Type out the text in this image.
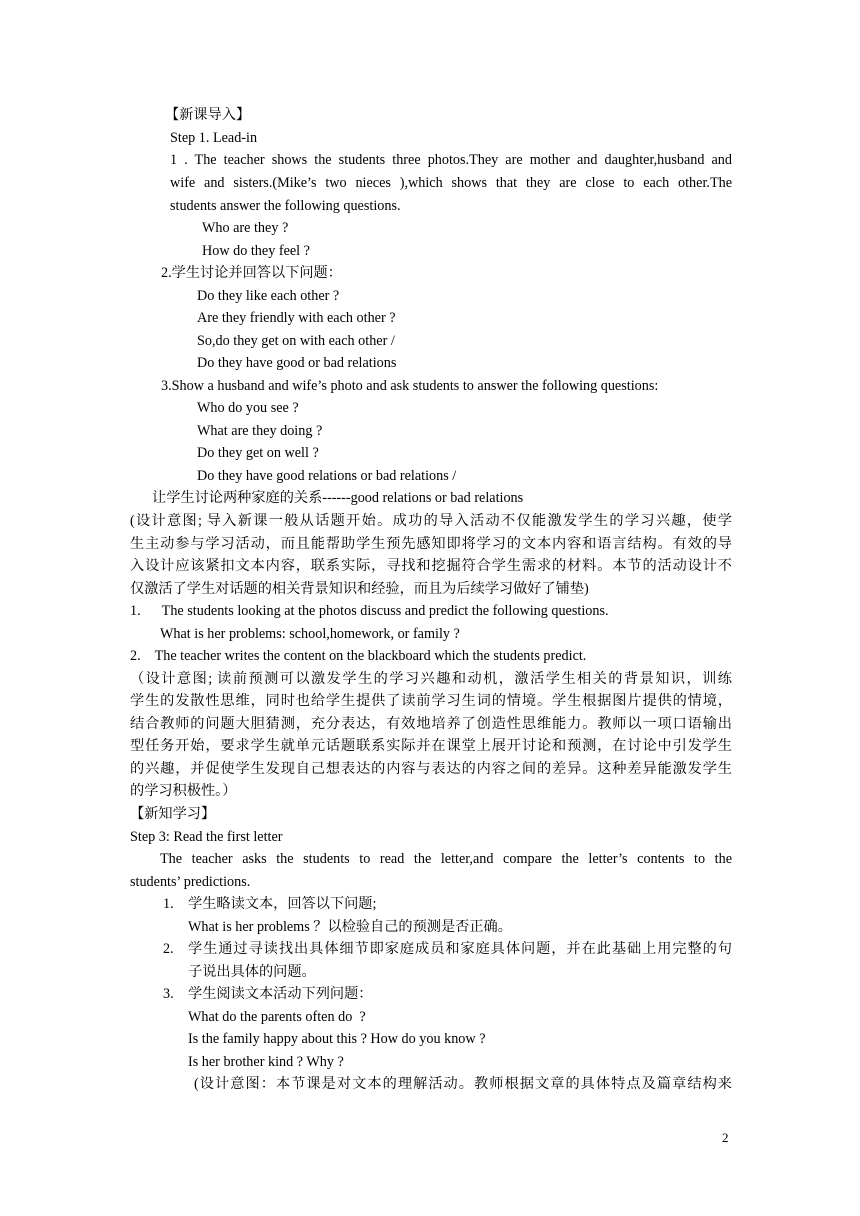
【新课导入】
Step 1. Lead-in
1 . The teacher shows the students three photos.They are mother and daughter,husband and
wife and sisters.(Mike’s two nieces ),which shows that they are close to each other.The
students answer the following questions.
Who are they ?
How do they feel ?
2.学生讨论并回答以下问题：
Do they like each other ?
Are they friendly with each other ?
So,do they get on with each other /
Do they have good or bad relations
3.Show a husband and wife’s photo and ask students to answer the following questions:
Who do you see ?
What are they doing ?
Do they get on well ?
Do they have good relations or bad relations /
让学生讨论两种家庭的关系------good relations or bad relations
(设计意图; 导入新课一般从话题开始。成功的导入活动不仅能激发学生的学习兴趣，使学
生主动参与学习活动，而且能帮助学生预先感知即将学习的文本内容和语言结构。有效的导
入设计应该紧扣文本内容，联系实际，寻找和挖掘符合学生需求的材料。本节的活动设计不
仅激活了学生对话题的相关背景知识和经验，而且为后续学习做好了铺垫)
1.      The students looking at the photos discuss and predict the following questions.
What is her problems: school,homework, or family ?
2.    The teacher writes the content on the blackboard which the students predict.
（设计意图; 读前预测可以激发学生的学习兴趣和动机，激活学生相关的背景知识，训练
学生的发散性思维，同时也给学生提供了读前学习生词的情境。学生根据图片提供的情境，
结合教师的问题大胆猜测，充分表达，有效地培养了创造性思维能力。教师以一项口语输出
型任务开始，要求学生就单元话题联系实际并在课堂上展开讨论和预测，在讨论中引发学生
的兴趣，并促使学生发现自己想表达的内容与表达的内容之间的差异。这种差异能激发学生
的学习积极性。）
【新知学习】
Step 3: Read the first letter
The teacher asks the students to read the letter,and compare the letter’s contents to the
students’ predictions.
1. 学生略读文本，回答以下问题;
What is her problems ？以检验自己的预测是否正确。
2. 学生通过寻读找出具体细节即家庭成员和家庭具体问题，并在此基础上用完整的句
子说出具体的问题。
3. 学生阅读文本活动下列问题：
What do the parents often do  ?
Is the family happy about this ? How do you know ?
Is her brother kind ? Why ?
(设计意图：本节课是对文本的理解活动。教师根据文章的具体特点及篇章结构来
2
